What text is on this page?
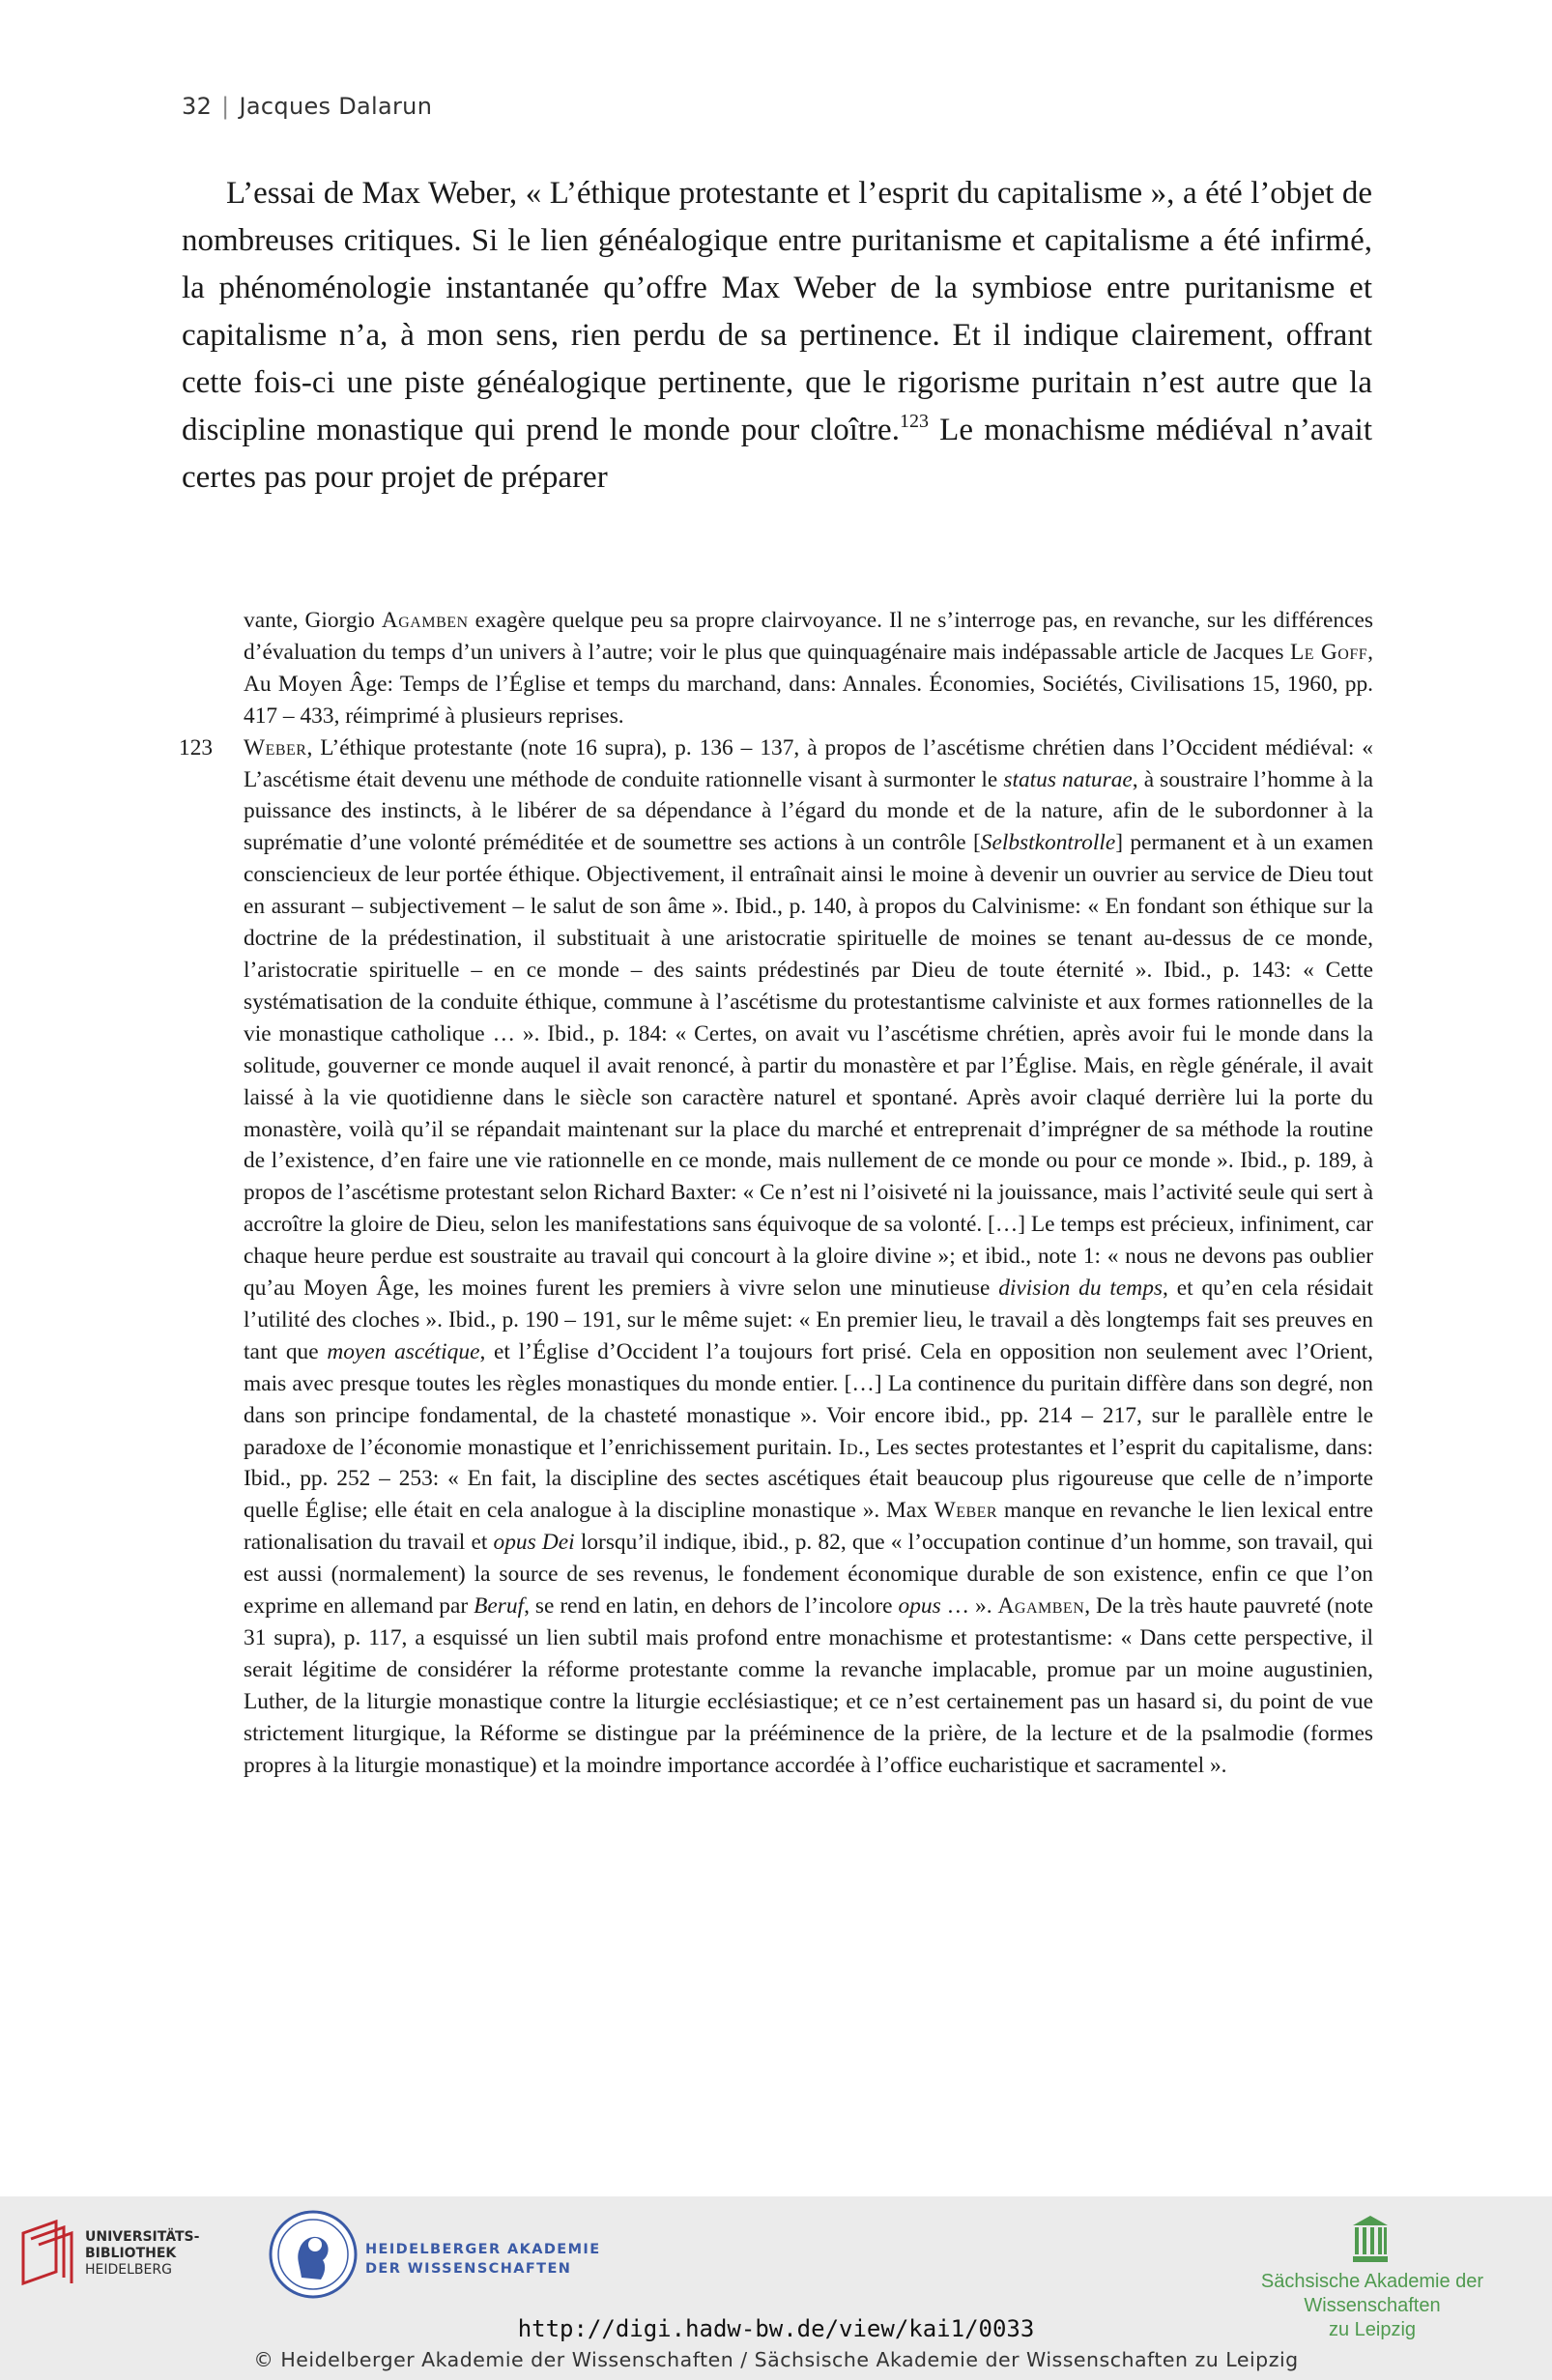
32 | Jacques Dalarun

L’essai de Max Weber, « L’éthique protestante et l’esprit du capitalisme », a été l’objet de nombreuses critiques. Si le lien généalogique entre puritanisme et capitalisme a été infirmé, la phénoménologie instantanée qu’offre Max Weber de la symbiose entre puritanisme et capitalisme n’a, à mon sens, rien perdu de sa pertinence. Et il indique clairement, offrant cette fois-ci une piste généalogique pertinente, que le rigorisme puritain n’est autre que la discipline monastique qui prend le monde pour cloître.$^{123}$ Le monachisme médiéval n’avait certes pas pour projet de préparer

vante, Giorgio Agamben exagère quelque peu sa propre clairvoyance. Il ne s’interroge pas, en revanche, sur les différences d’évaluation du temps d’un univers à l’autre; voir le plus que quinquagénaire mais indépassable article de Jacques Le Goff, Au Moyen Âge: Temps de l’Église et temps du marchand, dans: Annales. Économies, Sociétés, Civilisations 15, 1960, pp. 417 – 433, réimprimé à plusieurs reprises.

123 Weber, L’éthique protestante (note 16 supra), p. 136 – 137, à propos de l’ascétisme chrétien dans l’Occident médiéval: « L’ascétisme était devenu une méthode de conduite rationnelle visant à surmonter le status naturae, à soustraire l’homme à la puissance des instincts, à le libérer de sa dépendance à l’égard du monde et de la nature, afin de le subordonner à la suprématie d’une volonté préméditée et de soumettre ses actions à un contrôle [Selbstkontrolle] permanent et à un examen consciencieux de leur portée éthique. Objectivement, il entraînait ainsi le moine à devenir un ouvrier au service de Dieu tout en assurant – subjectivement – le salut de son âme ». Ibid., p. 140, à propos du Calvinisme: « En fondant son éthique sur la doctrine de la prédestination, il substituait à une aristocratie spirituelle de moines se tenant au-dessus de ce monde, l’aristocratie spirituelle – en ce monde – des saints prédestinés par Dieu de toute éternité ». Ibid., p. 143: « Cette systématisation de la conduite éthique, commune à l’ascétisme du protestantisme calviniste et aux formes rationnelles de la vie monastique catholique … ». Ibid., p. 184: « Certes, on avait vu l’ascétisme chrétien, après avoir fui le monde dans la solitude, gouverner ce monde auquel il avait renoncé, à partir du monastère et par l’Église. Mais, en règle générale, il avait laissé à la vie quotidienne dans le siècle son caractère naturel et spontané. Après avoir claqué derrière lui la porte du monastère, voilà qu’il se répandait maintenant sur la place du marché et entreprenait d’imprégner de sa méthode la routine de l’existence, d’en faire une vie rationnelle en ce monde, mais nullement de ce monde ou pour ce monde ». Ibid., p. 189, à propos de l’ascétisme protestant selon Richard Baxter: « Ce n’est ni l’oisiveté ni la jouissance, mais l’activité seule qui sert à accroître la gloire de Dieu, selon les manifestations sans équivoque de sa volonté. […] Le temps est précieux, infiniment, car chaque heure perdue est soustraite au travail qui concourt à la gloire divine »; et ibid., note 1: « nous ne devons pas oublier qu’au Moyen Âge, les moines furent les premiers à vivre selon une minutieuse division du temps, et qu’en cela résidait l’utilité des cloches ». Ibid., p. 190 – 191, sur le même sujet: « En premier lieu, le travail a dès longtemps fait ses preuves en tant que moyen ascétique, et l’Église d’Occident l’a toujours fort prisé. Cela en opposition non seulement avec l’Orient, mais avec presque toutes les règles monastiques du monde entier. […] La continence du puritain diffère dans son degré, non dans son principe fondamental, de la chasteté monastique ». Voir encore ibid., pp. 214 – 217, sur le parallèle entre le paradoxe de l’économie monastique et l’enrichissement puritain. Id., Les sectes protestantes et l’esprit du capitalisme, dans: Ibid., pp. 252 – 253: « En fait, la discipline des sectes ascétiques était beaucoup plus rigoureuse que celle de n’importe quelle Église; elle était en cela analogue à la discipline monastique ». Max Weber manque en revanche le lien lexical entre rationalisation du travail et opus Dei lorsqu’il indique, ibid., p. 82, que « l’occupation continue d’un homme, son travail, qui est aussi (normalement) la source de ses revenus, le fondement économique durable de son existence, enfin ce que l’on exprime en allemand par Beruf, se rend en latin, en dehors de l’incolore opus … ». Agamben, De la très haute pauvreté (note 31 supra), p. 117, a esquissé un lien subtil mais profond entre monachisme et protestantisme: « Dans cette perspective, il serait légitime de considérer la réforme protestante comme la revanche implacable, promue par un moine augustinien, Luther, de la liturgie monastique contre la liturgie ecclésiastique; et ce n’est certainement pas un hasard si, du point de vue strictement liturgique, la Réforme se distingue par la prééminence de la prière, de la lecture et de la psalmodie (formes propres à la liturgie monastique) et la moindre importance accordée à l’office eucharistique et sacramentel ».

UNIVERSITÄTS-
BIBLIOTHEK
HEIDELBERG
HEIDELBERGER AKADEMIE
DER WISSENSCHAFTEN
Sächsische Akademie der Wissenschaften
zu Leipzig
http://digi.hadw-bw.de/view/kai1/0033
© Heidelberger Akademie der Wissenschaften / Sächsische Akademie der Wissenschaften zu Leipzig
